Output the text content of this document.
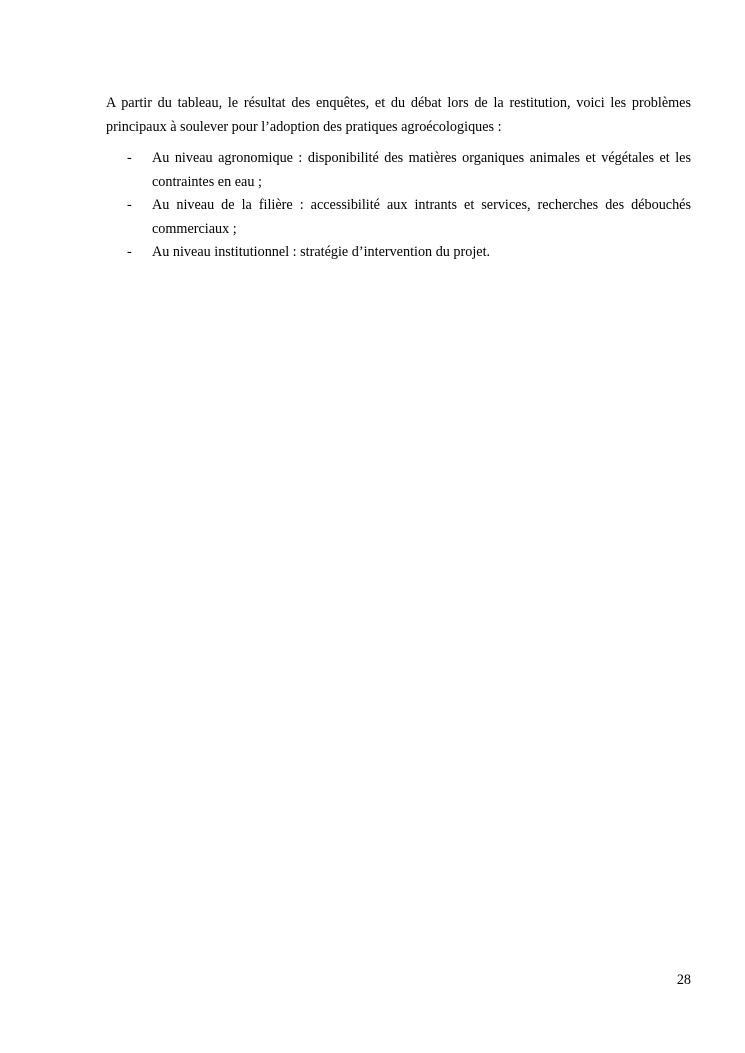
A partir du tableau, le résultat des enquêtes, et du débat lors de la restitution, voici les problèmes principaux à soulever pour l’adoption des pratiques agroécologiques :

- Au niveau agronomique : disponibilité des matières organiques animales et végétales et les contraintes en eau ;
- Au niveau de la filière : accessibilité aux intrants et services, recherches des débouchés commerciaux ;
- Au niveau institutionnel : stratégie d’intervention du projet.
28
